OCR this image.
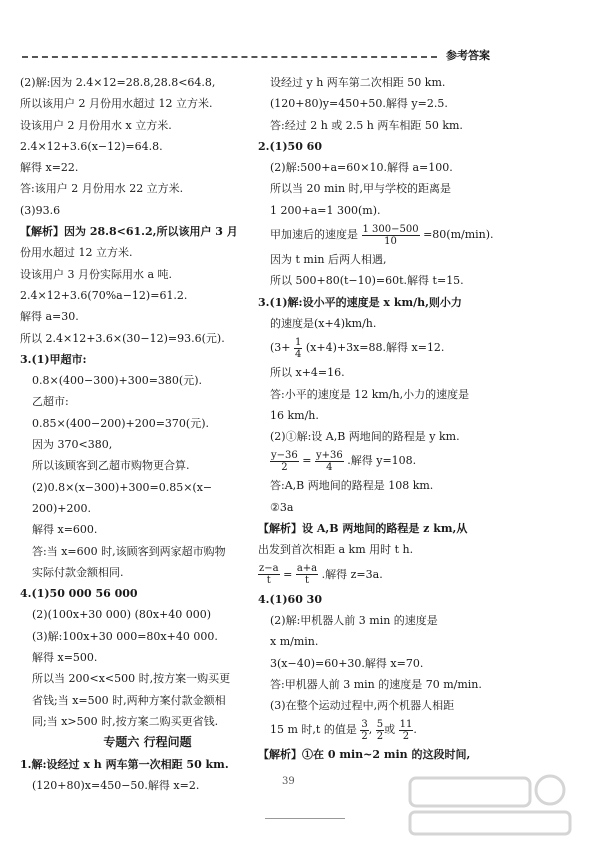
参考答案
(2)解:因为 2.4×12=28.8,28.8<64.8,
所以该用户 2 月份用水超过 12 立方米.
设该用户 2 月份用水 x 立方米.
2.4×12+3.6(x−12)=64.8.
解得 x=22.
答:该用户 2 月份用水 22 立方米.
(3)93.6
【解析】因为 28.8<61.2,所以该用户 3 月
份用水超过 12 立方米.
设该用户 3 月份实际用水 a 吨.
2.4×12+3.6(70%a−12)=61.2.
解得 a=30.
所以 2.4×12+3.6×(30−12)=93.6(元).
3.(1)甲超市:
0.8×(400−300)+300=380(元).
乙超市:
0.85×(400−200)+200=370(元).
因为 370<380,
所以该顾客到乙超市购物更合算.
(2)0.8×(x−300)+300=0.85×(x−
200)+200.
解得 x=600.
答:当 x=600 时,该顾客到两家超市购物
实际付款金额相同.
4.(1)50 000 56 000
(2)(100x+30 000) (80x+40 000)
(3)解:100x+30 000=80x+40 000.
解得 x=500.
所以当 200<x<500 时,按方案一购买更
省钱;当 x=500 时,两种方案付款金额相
同;当 x>500 时,按方案二购买更省钱.
专题六 行程问题
1.解:设经过 x h 两车第一次相距 50 km.
(120+80)x=450−50.解得 x=2.
设经过 y h 两车第二次相距 50 km.
(120+80)y=450+50.解得 y=2.5.
答:经过 2 h 或 2.5 h 两车相距 50 km.
2.(1)50 60
(2)解:500+a=60×10.解得 a=100.
所以当 20 min 时,甲与学校的距离是
1 200+a=1 300(m).
甲加速后的速度是 $\frac{1 300-500}{10} =80(m/\min)$.
因为 t min 后两人相遇,
所以 500+80(t−10)=60t.解得 t=15.
3.(1)解:设小平的速度是 x km/h,则小力
的速度是(x+4)km/h.
($3+ \frac{1}{4} (x+4)+3x=88$.解得 x=12.
所以 x+4=16.
答:小平的速度是 12 km/h,小力的速度是
16 km/h.
(2)①解:设 A,B 两地间的路程是 y km.
$\frac{y-36}{2} = \frac{y+36}{4}$ .解得 y=108.
答:A,B 两地间的路程是 108 km.
②3a
【解析】设 A,B 两地间的路程是 z km,从
出发到首次相距 a km 用时 t h.
$\frac{z-a}{t} = \frac{a+a}{t}$ .解得 z=3a.
4.(1)60 30
(2)解:甲机器人前 3 min 的速度是
x m/min.
3(x−40)=60+30.解得 x=70.
答:甲机器人前 3 min 的速度是 70 m/min.
(3)在整个运动过程中,两个机器人相距
15 m 时,t 的值是 $\frac{3}{2}$ , $\frac{5}{2}$ 或 $\frac{11}{2}$ .
【解析】①在 0 min~2 min 的这段时间,
39
